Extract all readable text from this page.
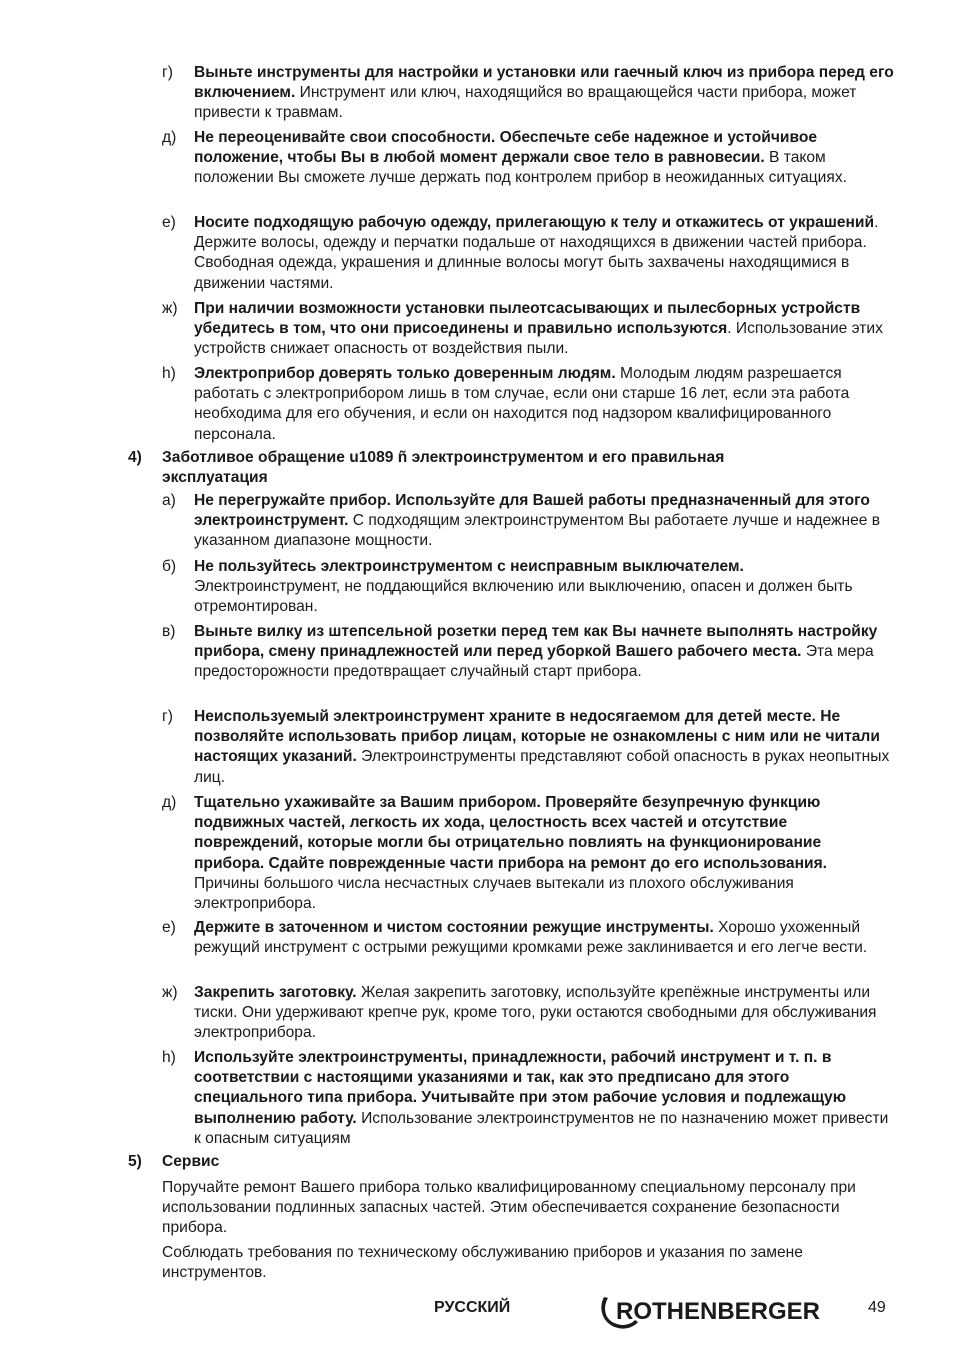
г) Выньте инструменты для настройки и установки или гаечный ключ из прибора перед его включением. Инструмент или ключ, находящийся во вращающейся части прибора, может привести к травмам.
д) Не переоценивайте свои способности. Обеспечьте себе надежное и устойчивое положение, чтобы Вы в любой момент держали свое тело в равновесии. В таком положении Вы сможете лучше держать под контролем прибор в неожиданных ситуациях.
е) Носите подходящую рабочую одежду, прилегающую к телу и откажитесь от украшений. Держите волосы, одежду и перчатки подальше от находящихся в движении частей прибора. Свободная одежда, украшения и длинные волосы могут быть захвачены находящимися в движении частями.
ж) При наличии возможности установки пылеотсасывающих и пылесборных устройств убедитесь в том, что они присоединены и правильно используются. Использование этих устройств снижает опасность от воздействия пыли.
h) Электроприбор доверять только доверенным людям. Молодым людям разрешается работать с электроприбором лишь в том случае, если они старше 16 лет, если эта работа необходима для его обучения, и если он находится под надзором квалифицированного персонала.
4) Заботливое обращение u1089 ñ электроинструментом и его правильная эксплуатация
a) Не перегружайте прибор. Используйте для Вашей работы предназначенный для этого электроинструмент. С подходящим электроинструментом Вы работаете лучше и надежнее в указанном диапазоне мощности.
б) Не пользуйтесь электроинструментом с неисправным выключателем. Электроинструмент, не поддающийся включению или выключению, опасен и должен быть отремонтирован.
в) Выньте вилку из штепсельной розетки перед тем как Вы начнете выполнять настройку прибора, смену принадлежностей или перед уборкой Вашего рабочего места. Эта мера предосторожности предотвращает случайный старт прибора.
г) Неиспользуемый электроинструмент храните в недосягаемом для детей месте. Не позволяйте использовать прибор лицам, которые не ознакомлены с ним или не читали настоящих указаний. Электроинструменты представляют собой опасность в руках неопытных лиц.
д) Тщательно ухаживайте за Вашим прибором. Проверяйте безупречную функцию подвижных частей, легкость их хода, целостность всех частей и отсутствие повреждений, которые могли бы отрицательно повлиять на функционирование прибора. Сдайте поврежденные части прибора на ремонт до его использования. Причины большого числа несчастных случаев вытекали из плохого обслуживания электроприбора.
е) Держите в заточенном и чистом состоянии режущие инструменты. Хорошо ухоженный режущий инструмент с острыми режущими кромками реже заклинивается и его легче вести.
ж) Закрепить заготовку. Желая закрепить заготовку, используйте крепёжные инструменты или тиски. Они удерживают крепче рук, кроме того, руки остаются свободными для обслуживания электроприбора.
h) Используйте электроинструменты, принадлежности, рабочий инструмент и т. п. в соответствии с настоящими указаниями и так, как это предписано для этого специального типа прибора. Учитывайте при этом рабочие условия и подлежащую выполнению работу. Использование электроинструментов не по назначению может привести к опасным ситуациям
5) Сервис
Поручайте ремонт Вашего прибора только квалифицированному специальному персоналу при использовании подлинных запасных частей. Этим обеспечивается сохранение безопасности прибора.
Соблюдать требования по техническому обслуживанию приборов и указания по замене инструментов.
РУССКИЙ	ROTHENBERGER	49
